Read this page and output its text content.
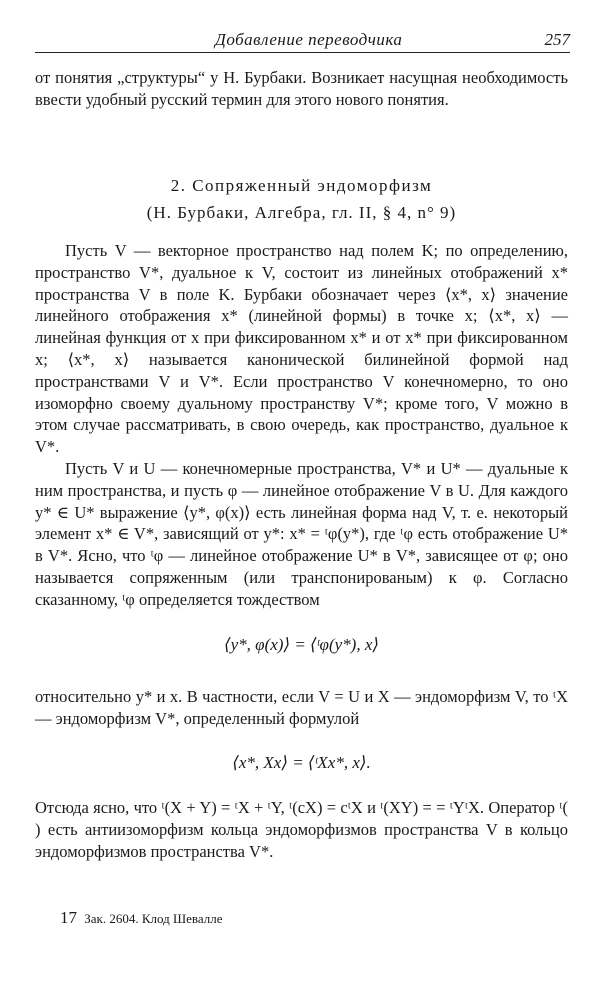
Добавление переводчика	257

от понятия „структуры“ у Н. Бурбаки. Возникает насущная необходимость ввести удобный русский термин для этого нового понятия.

2. Сопряженный эндоморфизм
(Н. Бурбаки, Алгебра, гл. II, § 4, n° 9)

Пусть V — векторное пространство над полем K; по определению, пространство V*, дуальное к V, состоит из линейных отображений x* пространства V в поле K. Бурбаки обозначает через ⟨x*, x⟩ значение линейного отображения x* (линейной формы) в точке x; ⟨x*, x⟩ — линейная функция от x при фиксированном x* и от x* при фиксированном x; ⟨x*, x⟩ называется канонической билинейной формой над пространствами V и V*. Если пространство V конечномерно, то оно изоморфно своему дуальному пространству V*; кроме того, V можно в этом случае рассматривать, в свою очередь, как пространство, дуальное к V*.

Пусть V и U — конечномерные пространства, V* и U* — дуальные к ним пространства, и пусть φ — линейное отображение V в U. Для каждого y* ∈ U* выражение ⟨y*, φ(x)⟩ есть линейная форма над V, т. е. некоторый элемент x* ∈ V*, зависящий от y*: x* = ᵗφ(y*), где ᵗφ есть отображение U* в V*. Ясно, что ᵗφ — линейное отображение U* в V*, зависящее от φ; оно называется сопряженным (или транспонированым) к φ. Согласно сказанному, ᵗφ определяется тождеством

⟨y*, φ(x)⟩ = ⟨ᵗφ(y*), x⟩

относительно y* и x. В частности, если V = U и X — эндоморфизм V, то ᵗX — эндоморфизм V*, определенный формулой

⟨x*, Xx⟩ = ⟨ᵗXx*, x⟩.

Отсюда ясно, что ᵗ(X + Y) = ᵗX + ᵗY, ᵗ(cX) = cᵗX и ᵗ(XY) = = ᵗYᵗX. Оператор ᵗ( ) есть антиизоморфизм кольца эндоморфизмов пространства V в кольцо эндоморфизмов пространства V*.

17 Зак. 2604. Клод Шевалле
